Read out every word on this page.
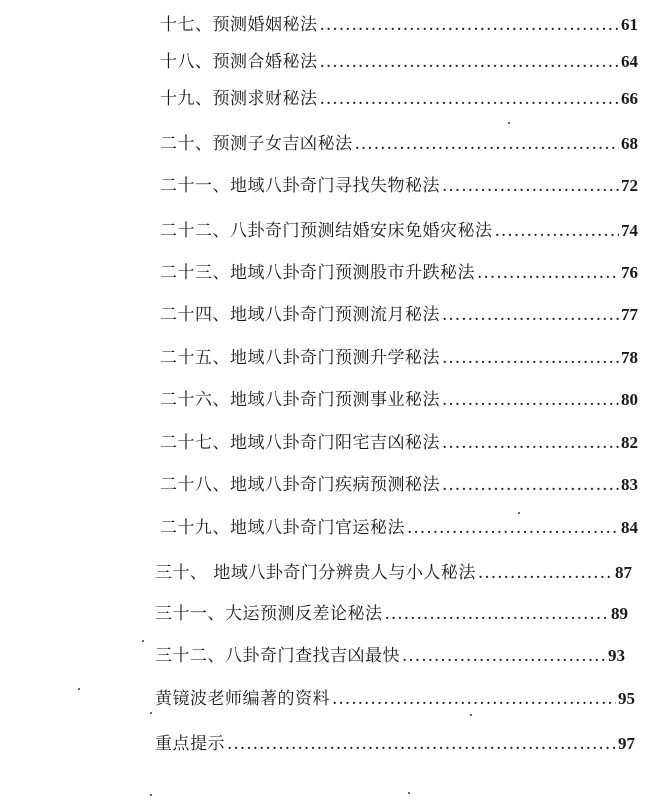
十七、预测婚姻秘法 .....	61
十八、预测合婚秘法 .....	64
十九、预测求财秘法 .....	66
二十、预测子女吉凶秘法 .....	68
二十一、地域八卦奇门寻找失物秘法 .....	72
二十二、八卦奇门预测结婚安床免婚灾秘法 .....	74
二十三、地域八卦奇门预测股市升跌秘法 .....	76
二十四、地域八卦奇门预测流月秘法 .....	77
二十五、地域八卦奇门预测升学秘法 .....	78
二十六、地域八卦奇门预测事业秘法 .....	80
二十七、地域八卦奇门阳宅吉凶秘法 .....	82
二十八、地域八卦奇门疾病预测秘法 .....	83
二十九、地域八卦奇门官运秘法 .....	84
三十、 地域八卦奇门分辨贵人与小人秘法 .....	87
三十一、大运预测反差论秘法 .....	89
三十二、八卦奇门查找吉凶最快 .....	93
黄镜波老师编著的资料 .....	95
重点提示 .....	97
